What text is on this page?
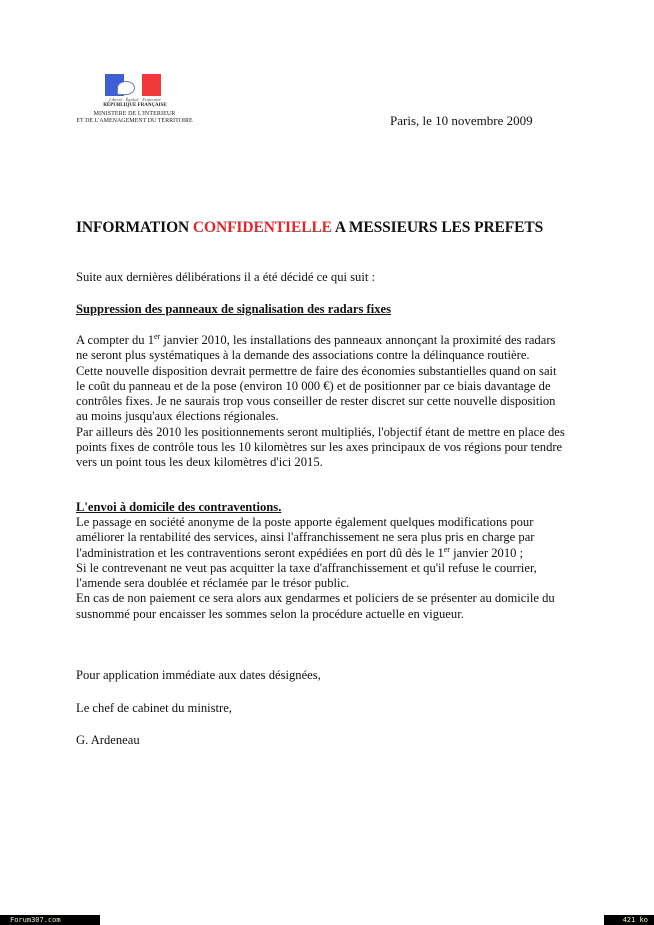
Liberté · Égalité · Fraternité
RÉPUBLIQUE FRANÇAISE
MINISTERE DE L'INTERIEUR
ET DE L'AMENAGEMENT DU TERRITOIRE	Paris, le 10 novembre 2009
INFORMATION CONFIDENTIELLE A MESSIEURS LES PREFETS
Suite aux dernières délibérations il a été décidé ce qui suit :
Suppression des panneaux de signalisation des radars fixes
A compter du 1er janvier 2010, les installations des panneaux annonçant la proximité des radars ne seront plus systématiques à la demande des associations contre la délinquance routière.
Cette nouvelle disposition devrait permettre de faire des économies substantielles quand on sait le coût du panneau et de la pose (environ 10 000 €) et de positionner par ce biais davantage de contrôles fixes. Je ne saurais trop vous conseiller de rester discret sur cette nouvelle disposition au moins jusqu'aux élections régionales.
Par ailleurs dès 2010 les positionnements seront multipliés, l'objectif étant de mettre en place des points fixes de contrôle tous les 10 kilomètres sur les axes principaux de vos régions pour tendre vers un point tous les deux kilomètres d'ici 2015.
L'envoi à domicile des contraventions.
Le passage en société anonyme de la poste apporte également quelques modifications pour améliorer la rentabilité des services, ainsi l'affranchissement ne sera plus pris en charge par l'administration et les contraventions seront expédiées en port dû dès le 1er janvier 2010 ;
Si le contrevenant ne veut pas acquitter la taxe d'affranchissement et qu'il refuse le courrier, l'amende sera doublée et réclamée par le trésor public.
En cas de non paiement ce sera alors aux gendarmes et policiers de se présenter au domicile du susnommé pour encaisser les sommes selon la procédure actuelle en vigueur.
Pour application immédiate aux dates désignées,
Le chef de cabinet du ministre,
G. Ardeneau
Forum307.com	421 ko
